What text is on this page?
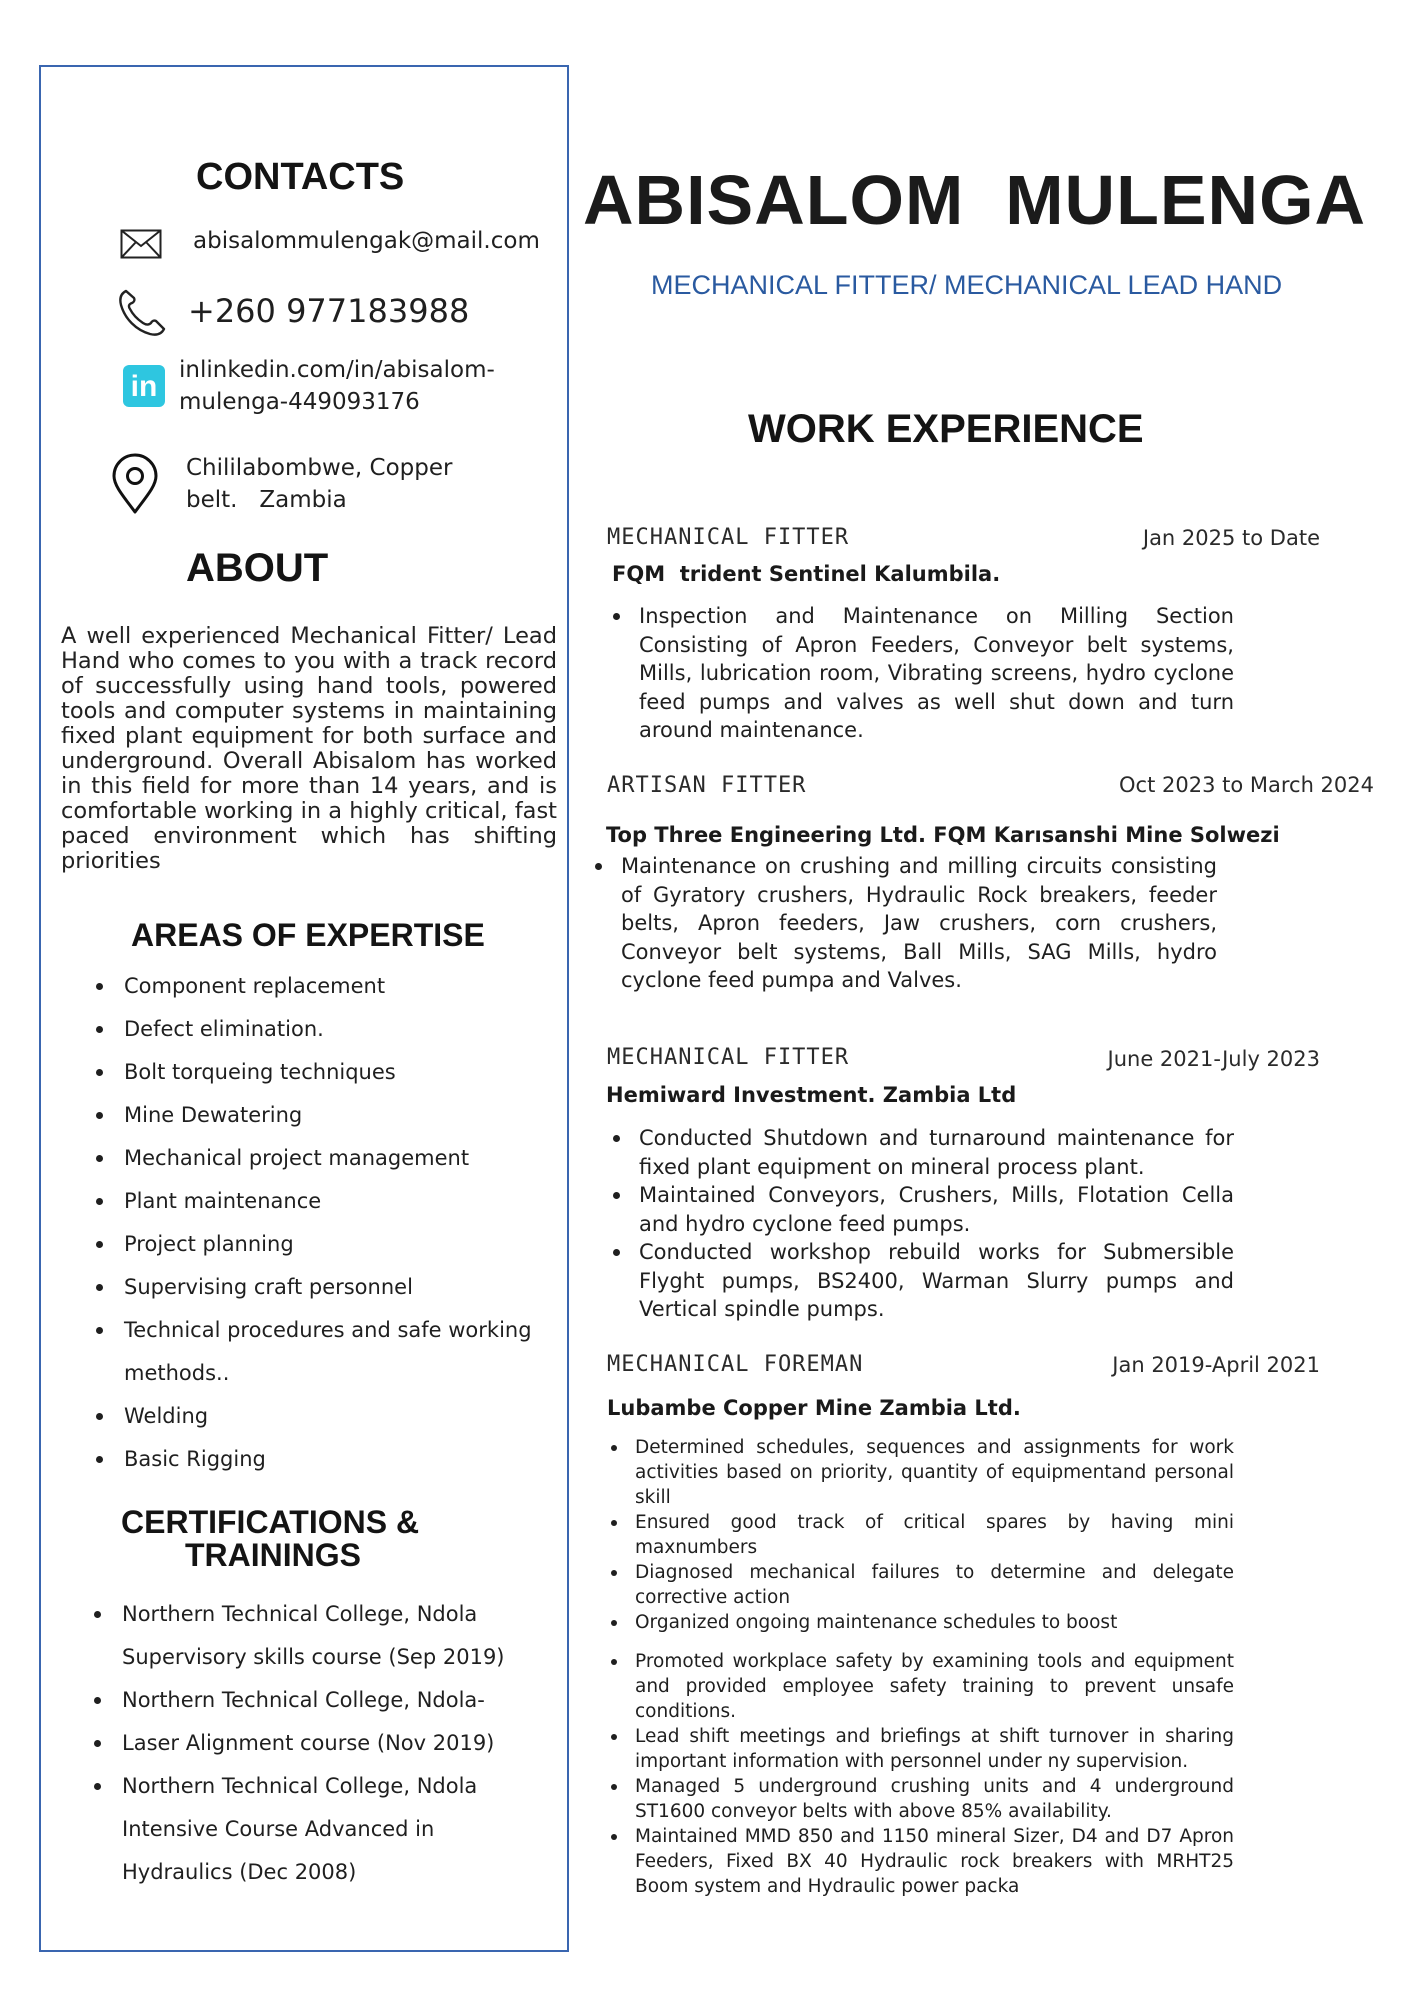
CONTACTS
abisalommulengak@mail.com
+260 977183988
in inlinkedin.com/in/abisalom-
mulenga-449093176
Chililabombwe, Copper
belt.   Zambia
ABOUT

A well experienced Mechanical Fitter/ Lead Hand who comes to you with a track record of successfully using hand tools, powered tools and computer systems in maintaining fixed plant equipment for both surface and underground. Overall Abisalom has worked in this field for more than 14 years, and is comfortable working in a highly critical, fast paced environment which has shifting priorities

AREAS OF EXPERTISE
Component replacement
Defect elimination.
Bolt torqueing techniques
Mine Dewatering
Mechanical project management
Plant maintenance
Project planning
Supervising craft personnel
Technical procedures and safe working
methods..
Welding
Basic Rigging
CERTIFICATIONS &
TRAININGS
Northern Technical College, Ndola
Supervisory skills course (Sep 2019)
Northern Technical College, Ndola-
Laser Alignment course (Nov 2019)
Northern Technical College, Ndola
Intensive Course Advanced in
Hydraulics (Dec 2008)
ABISALOM  MULENGA
MECHANICAL FITTER/ MECHANICAL LEAD HAND
WORK EXPERIENCE
MECHANICAL FITTER	Jan 2025 to Date
FQM  trident Sentinel Kalumbila.
Inspection and Maintenance on Milling Section Consisting of Apron Feeders, Conveyor belt systems, Mills, lubrication room, Vibrating screens, hydro cyclone feed pumps and valves as well shut down and turn around maintenance.
ARTISAN FITTER	Oct 2023 to March 2024
Top Three Engineering Ltd. FQM Karısanshi Mine Solwezi
Maintenance on crushing and milling circuits consisting of Gyratory crushers, Hydraulic Rock breakers, feeder belts, Apron feeders, Jaw crushers, corn crushers, Conveyor belt systems, Ball Mills, SAG Mills, hydro cyclone feed pumpa and Valves.
MECHANICAL FITTER	June 2021-July 2023
Hemiward Investment. Zambia Ltd
Conducted Shutdown and turnaround maintenance for fixed plant equipment on mineral process plant.
Maintained Conveyors, Crushers, Mills, Flotation Cella and hydro cyclone feed pumps.
Conducted workshop rebuild works for Submersible Flyght pumps, BS2400, Warman Slurry pumps and Vertical spindle pumps.
MECHANICAL FOREMAN	Jan 2019-April 2021
Lubambe Copper Mine Zambia Ltd.
Determined schedules, sequences and assignments for work activities based on priority, quantity of equipmentand personal skill
Ensured good track of critical spares by having mini maxnumbers
Diagnosed mechanical failures to determine and delegate corrective action
Organized ongoing maintenance schedules to boost
Promoted workplace safety by examining tools and equipment and provided employee safety training to prevent unsafe conditions.
Lead shift meetings and briefings at shift turnover in sharing important information with personnel under ny supervision.
Managed 5 underground crushing units and 4 underground ST1600 conveyor belts with above 85% availability.
Maintained MMD 850 and 1150 mineral Sizer, D4 and D7 Apron Feeders, Fixed BX 40 Hydraulic rock breakers with MRHT25 Boom system and Hydraulic power packa
